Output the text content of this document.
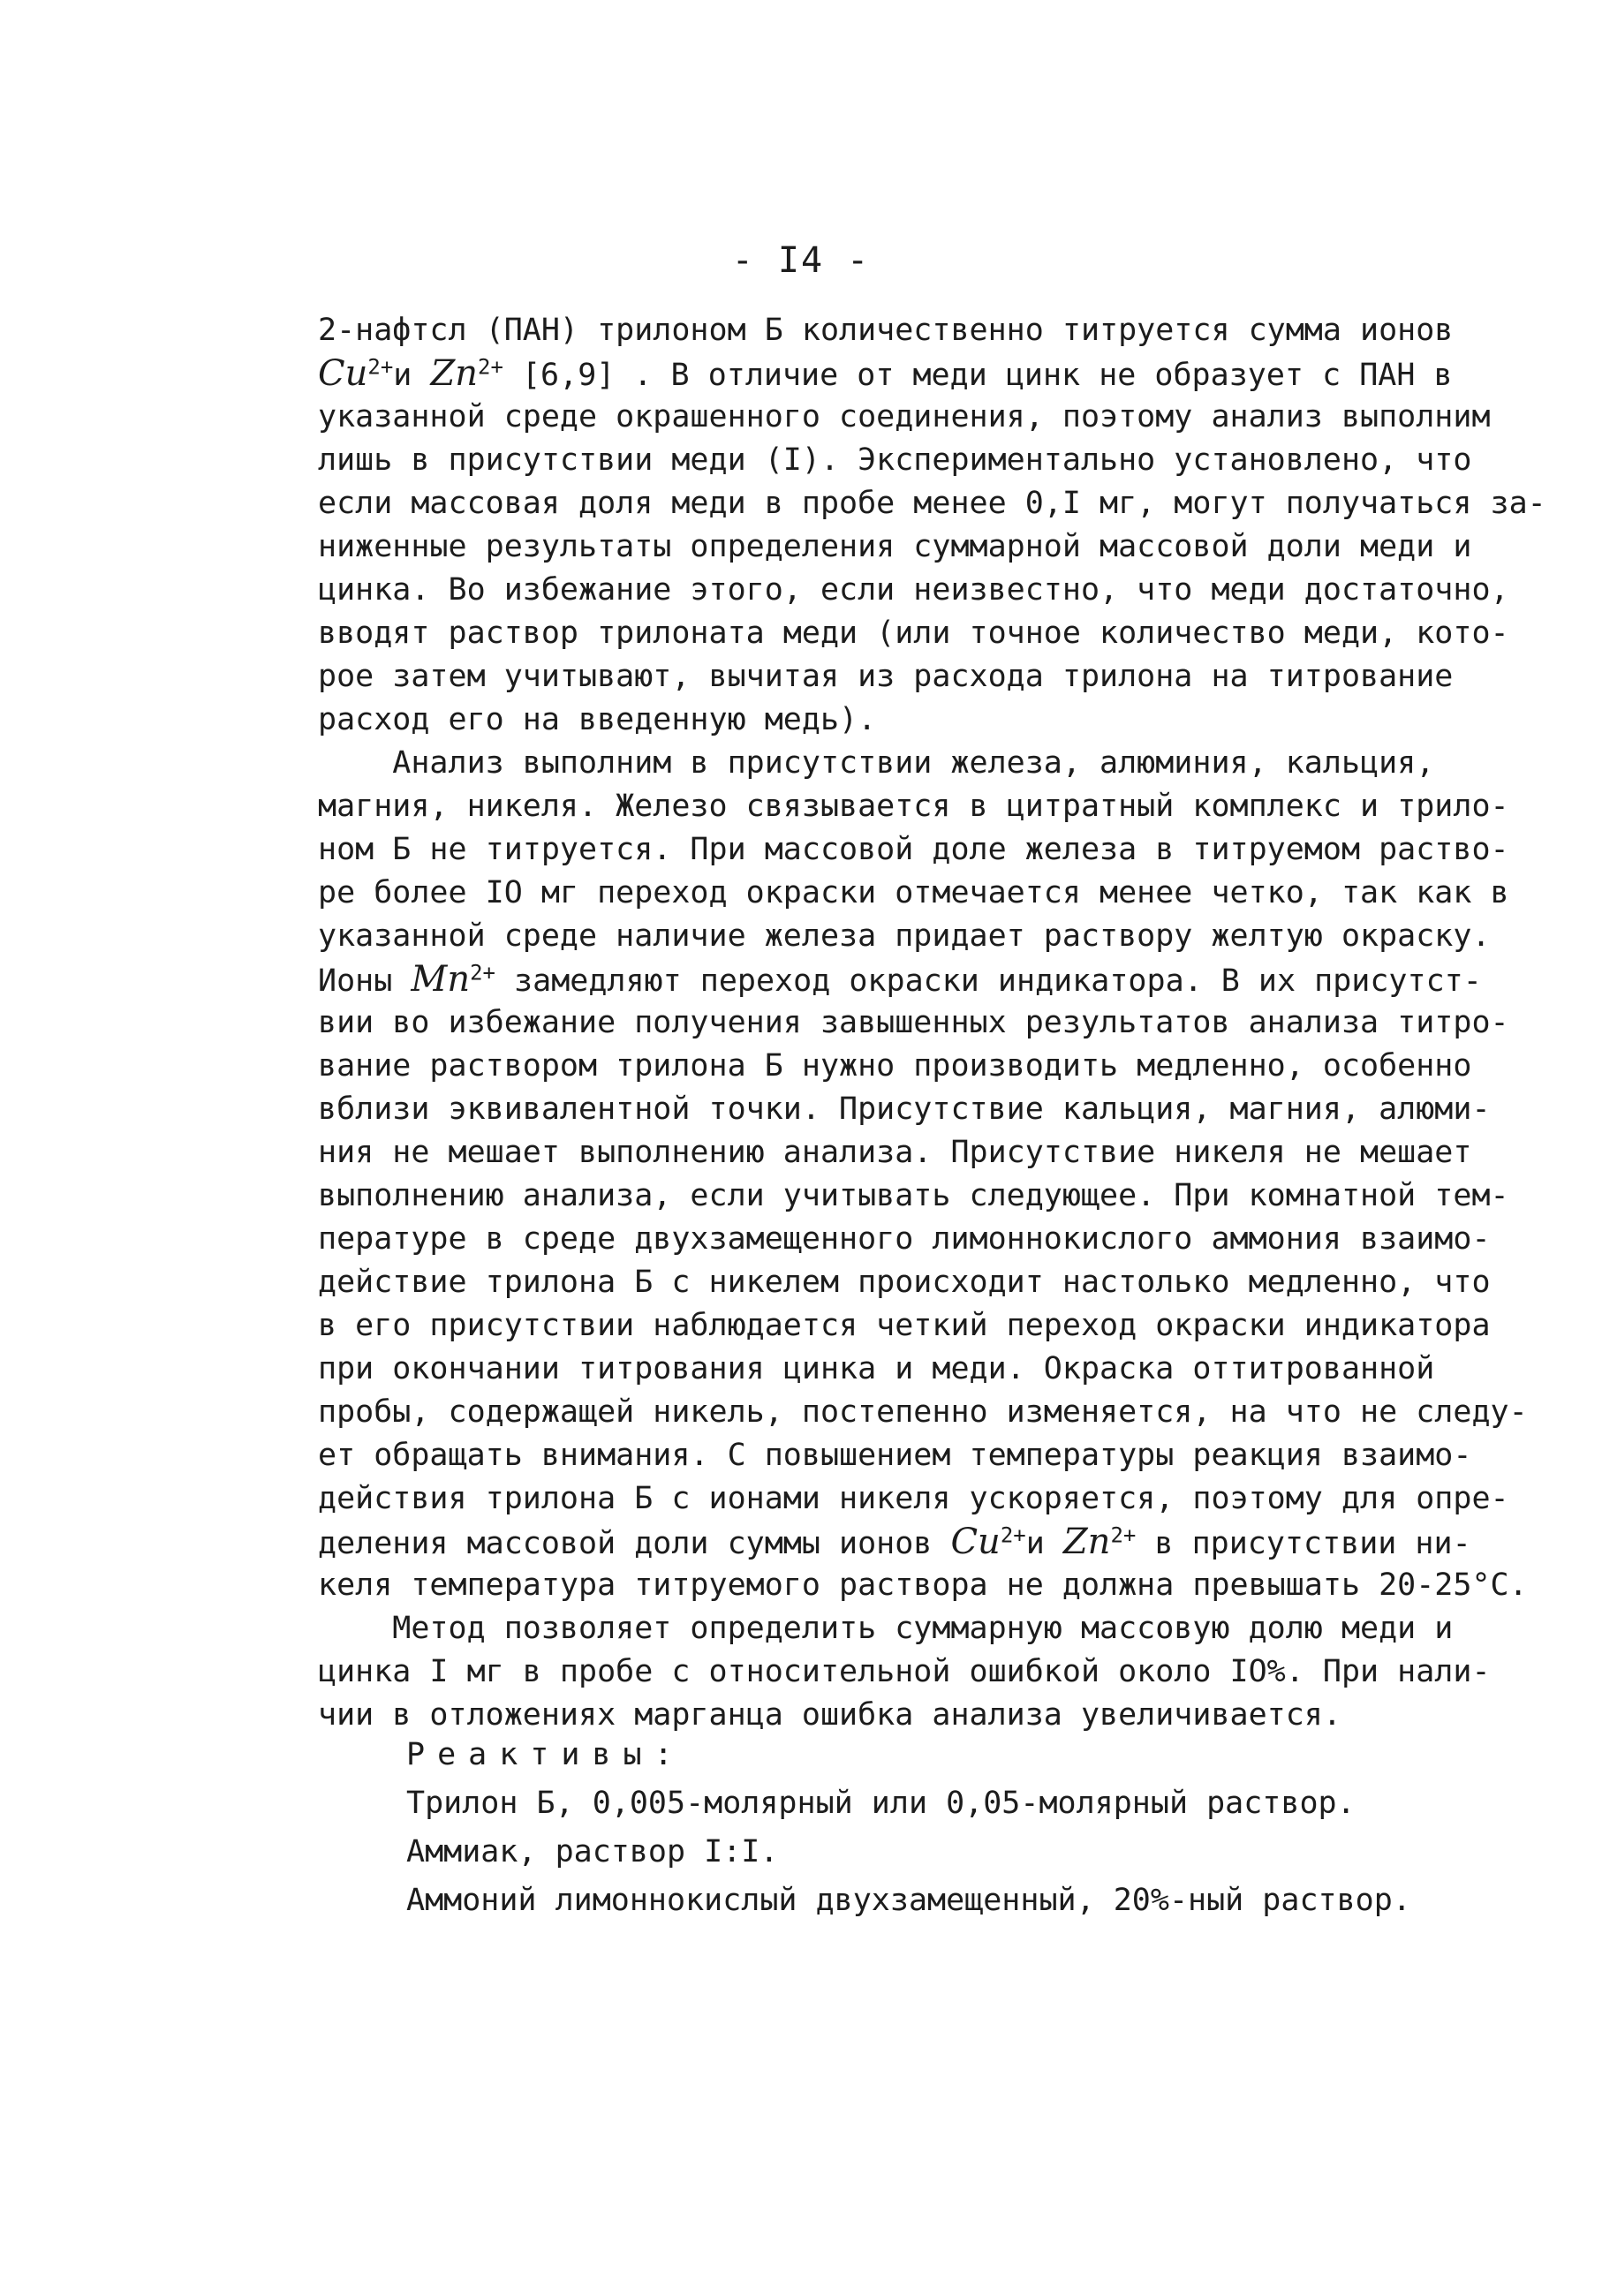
- I4 -
2-нафтсл (ПАН) трилоном Б количественно титруется сумма ионов
$Cu^{2+}и$ $Zn^{2+}$ [6,9] . В отличие от меди цинк не образует с ПАН в
указанной среде окрашенного соединения, поэтому анализ выполним
лишь в присутствии меди (I). Экспериментально установлено, что
если массовая доля меди в пробе менее 0,I мг, могут получаться за-
ниженные результаты определения суммарной массовой доли меди и
цинка. Во избежание этого, если неизвестно, что меди достаточно,
вводят раствор трилоната меди (или точное количество меди, кото-
рое затем учитывают, вычитая из расхода трилона на титрование
расход его на введенную медь).
Анализ выполним в присутствии железа, алюминия, кальция,
магния, никеля. Железо связывается в цитратный комплекс и трило-
ном Б не титруется. При массовой доле железа в титруемом раство-
ре более IO мг переход окраски отмечается менее четко, так как в
указанной среде наличие железа придает раствору желтую окраску.
Ионы $Mn^{2+}$ замедляют переход окраски индикатора. В их присутст-
вии во избежание получения завышенных результатов анализа титро-
вание раствором трилона Б нужно производить медленно, особенно
вблизи эквивалентной точки. Присутствие кальция, магния, алюми-
ния не мешает выполнению анализа. Присутствие никеля не мешает
выполнению анализа, если учитывать следующее. При комнатной тем-
пературе в среде двухзамещенного лимоннокислого аммония взаимо-
действие трилона Б с никелем происходит настолько медленно, что
в его присутствии наблюдается четкий переход окраски индикатора
при окончании титрования цинка и меди. Окраска оттитрованной
пробы, содержащей никель, постепенно изменяется, на что не следу-
ет обращать внимания. С повышением температуры реакция взаимо-
действия трилона Б с ионами никеля ускоряется, поэтому для опре-
деления массовой доли суммы ионов $Cu^{2+}и$ $Zn^{2+}$ в присутствии ни-
келя температура титруемого раствора не должна превышать 20-25°С.
Метод позволяет определить суммарную массовую долю меди и
цинка I мг в пробе с относительной ошибкой около IO%. При нали-
чии в отложениях марганца ошибка анализа увеличивается.
Реактивы:
Трилон Б, 0,005-молярный или 0,05-молярный раствор.
Аммиак, раствор I:I.
Аммоний лимоннокислый двухзамещенный, 20%-ный раствор.
